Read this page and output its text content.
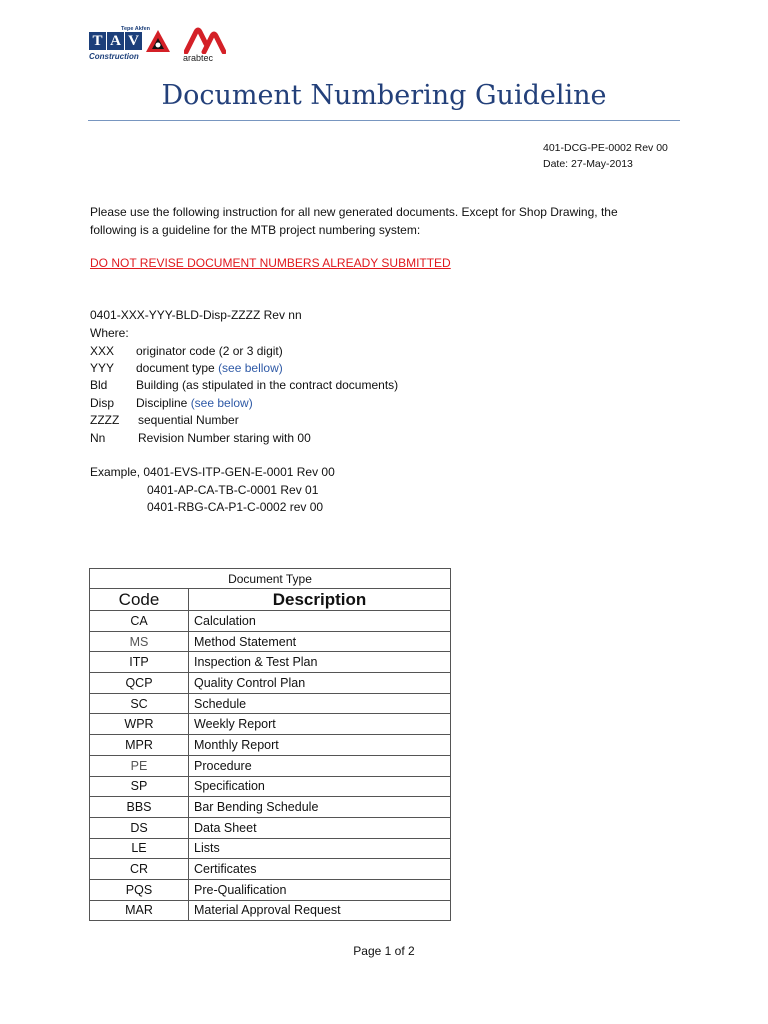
Tepe Akfen
T A V
Construction	arabtec
Document Numbering Guideline
401-DCG-PE-0002 Rev 00
Date: 27-May-2013
Please use the following instruction for all new generated documents. Except for Shop Drawing, the
following is a guideline for the MTB project numbering system:
DO NOT REVISE DOCUMENT NUMBERS ALREADY SUBMITTED
0401-XXX-YYY-BLD-Disp-ZZZZ Rev nn
Where:
XXX originator code (2 or 3 digit)
YYY document type (see bellow)
Bld Building (as stipulated in the contract documents)
Disp Discipline (see below)
ZZZZ sequential Number
Nn	Revision Number staring with 00
Example, 0401-EVS-ITP-GEN-E-0001 Rev 00
0401-AP-CA-TB-C-0001 Rev 01
0401-RBG-CA-P1-C-0002 rev 00
Document Type	
Code	Description
CA	Calculation
MS	Method Statement
ITP	Inspection & Test Plan
QCP	Quality Control Plan
SC	Schedule
WPR	Weekly Report
MPR	Monthly Report
PE	Procedure
SP	Specification
BBS	Bar Bending Schedule
DS	Data Sheet
LE	Lists
CR	Certificates
PQS	Pre-Qualification
MAR	Material Approval Request
Page 1 of 2
